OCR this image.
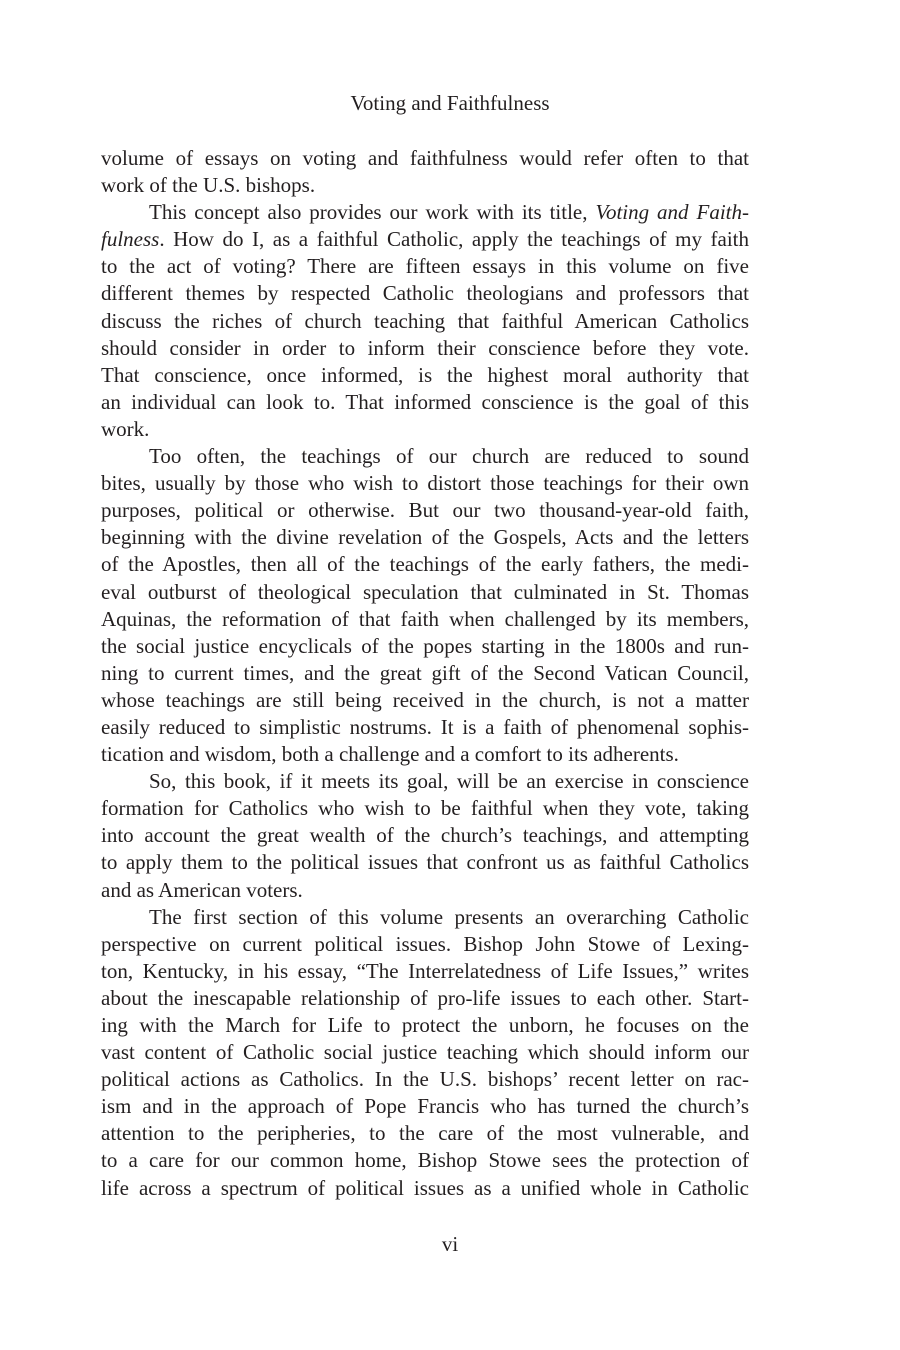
Voting and Faithfulness
volume of essays on voting and faithfulness would refer often to that
work of the U.S. bishops.
This concept also provides our work with its title, Voting and Faith-
fulness. How do I, as a faithful Catholic, apply the teachings of my faith
to the act of voting? There are fifteen essays in this volume on five
different themes by respected Catholic theologians and professors that
discuss the riches of church teaching that faithful American Catholics
should consider in order to inform their conscience before they vote.
That conscience, once informed, is the highest moral authority that
an individual can look to. That informed conscience is the goal of this
work.
Too often, the teachings of our church are reduced to sound
bites, usually by those who wish to distort those teachings for their own
purposes, political or otherwise. But our two thousand-year-old faith,
beginning with the divine revelation of the Gospels, Acts and the letters
of the Apostles, then all of the teachings of the early fathers, the medi-
eval outburst of theological speculation that culminated in St. Thomas
Aquinas, the reformation of that faith when challenged by its members,
the social justice encyclicals of the popes starting in the 1800s and run-
ning to current times, and the great gift of the Second Vatican Council,
whose teachings are still being received in the church, is not a matter
easily reduced to simplistic nostrums. It is a faith of phenomenal sophis-
tication and wisdom, both a challenge and a comfort to its adherents.
So, this book, if it meets its goal, will be an exercise in conscience
formation for Catholics who wish to be faithful when they vote, taking
into account the great wealth of the church’s teachings, and attempting
to apply them to the political issues that confront us as faithful Catholics
and as American voters.
The first section of this volume presents an overarching Catholic
perspective on current political issues. Bishop John Stowe of Lexing-
ton, Kentucky, in his essay, “The Interrelatedness of Life Issues,” writes
about the inescapable relationship of pro-life issues to each other. Start-
ing with the March for Life to protect the unborn, he focuses on the
vast content of Catholic social justice teaching which should inform our
political actions as Catholics. In the U.S. bishops’ recent letter on rac-
ism and in the approach of Pope Francis who has turned the church’s
attention to the peripheries, to the care of the most vulnerable, and
to a care for our common home, Bishop Stowe sees the protection of
life across a spectrum of political issues as a unified whole in Catholic
vi
